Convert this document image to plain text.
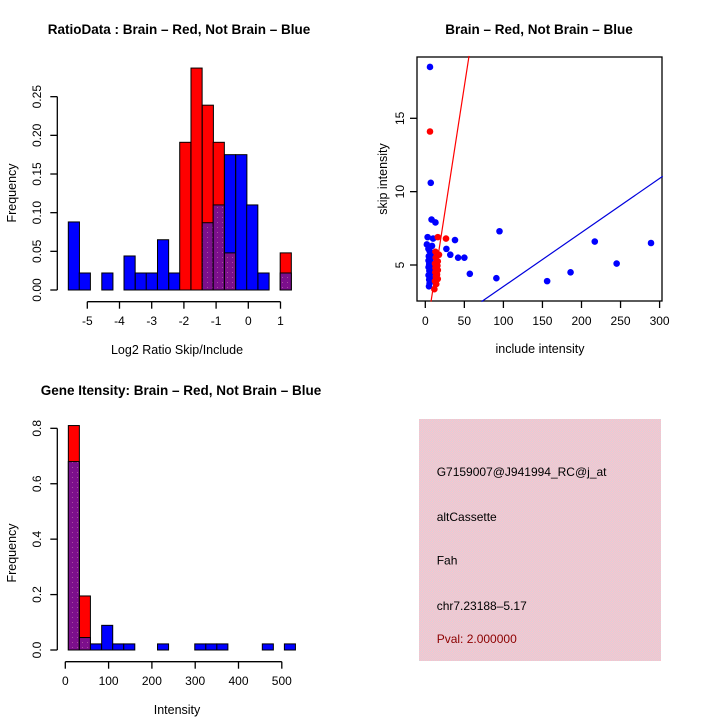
RatioData : Brain – Red, Not Brain – Blue
Log2 Ratio Skip/Include
Frequency
0.00
0.05
0.10
0.15
0.20
0.25
-5 -4 -3 -2 -1 0 1
Brain – Red, Not Brain – Blue
include intensity
skip intensity
0 50 100 150 200 250 300
5
10
15
Gene Itensity: Brain – Red, Not Brain – Blue
Intensity
Frequency
0.0
0.2
0.4
0.6
0.8
0 100 200 300 400 500
G7159007@J941994_RC@j_at
altCassette
Fah
chr7.23188–5.17
Pval: 2.000000
